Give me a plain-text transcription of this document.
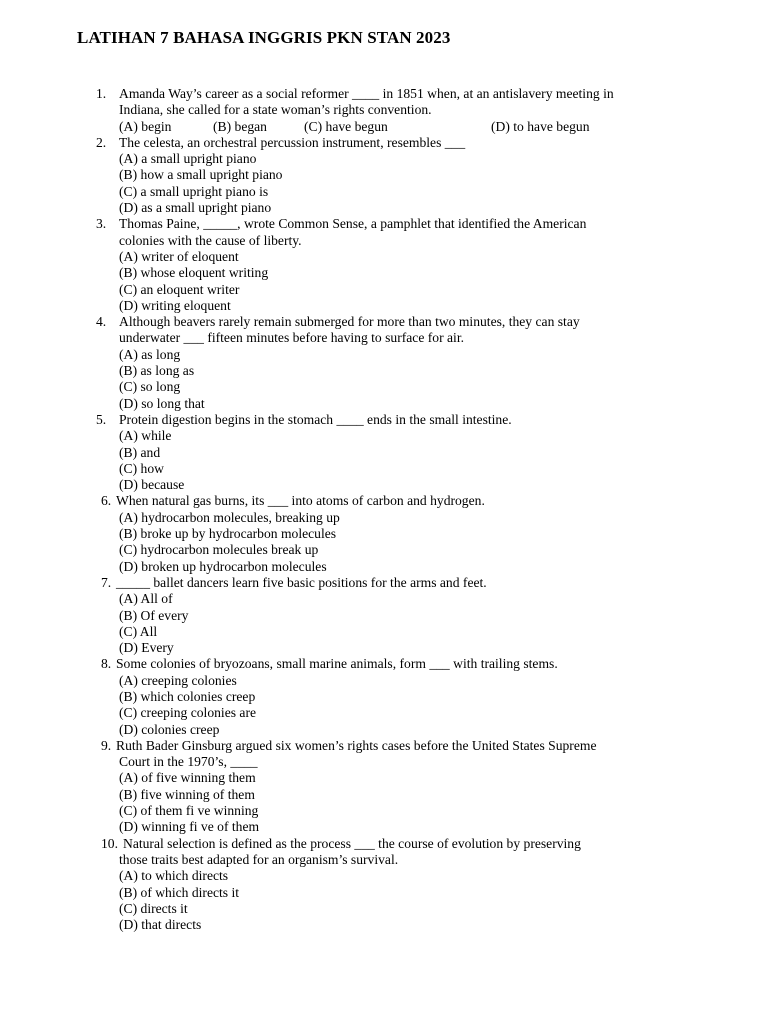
LATIHAN 7 BAHASA INGGRIS PKN STAN 2023
1. Amanda Way’s career as a social reformer ____ in 1851 when, at an antislavery meeting in
Indiana, she called for a state woman’s rights convention.
(A) begin	(B) began	(C) have begun	(D) to have begun
2. The celesta, an orchestral percussion instrument, resembles ___
(A) a small upright piano
(B) how a small upright piano
(C) a small upright piano is
(D) as a small upright piano
3. Thomas Paine, _____, wrote Common Sense, a pamphlet that identified the American
colonies with the cause of liberty.
(A) writer of eloquent
(B) whose eloquent writing
(C) an eloquent writer
(D) writing eloquent
4. Although beavers rarely remain submerged for more than two minutes, they can stay
underwater ___ fifteen minutes before having to surface for air.
(A) as long
(B) as long as
(C) so long
(D) so long that
5. Protein digestion begins in the stomach ____ ends in the small intestine.
(A) while
(B) and
(C) how
(D) because
6. When natural gas burns, its ___ into atoms of carbon and hydrogen.
(A) hydrocarbon molecules, breaking up
(B) broke up by hydrocarbon molecules
(C) hydrocarbon molecules break up
(D) broken up hydrocarbon molecules
7. _____ ballet dancers learn five basic positions for the arms and feet.
(A) All of
(B) Of every
(C) All
(D) Every
8. Some colonies of bryozoans, small marine animals, form ___ with trailing stems.
(A) creeping colonies
(B) which colonies creep
(C) creeping colonies are
(D) colonies creep
9. Ruth Bader Ginsburg argued six women’s rights cases before the United States Supreme
Court in the 1970’s, ____
(A) of five winning them
(B) five winning of them
(C) of them fi ve winning
(D) winning fi ve of them
10. Natural selection is defined as the process ___ the course of evolution by preserving
those traits best adapted for an organism’s survival.
(A) to which directs
(B) of which directs it
(C) directs it
(D) that directs
